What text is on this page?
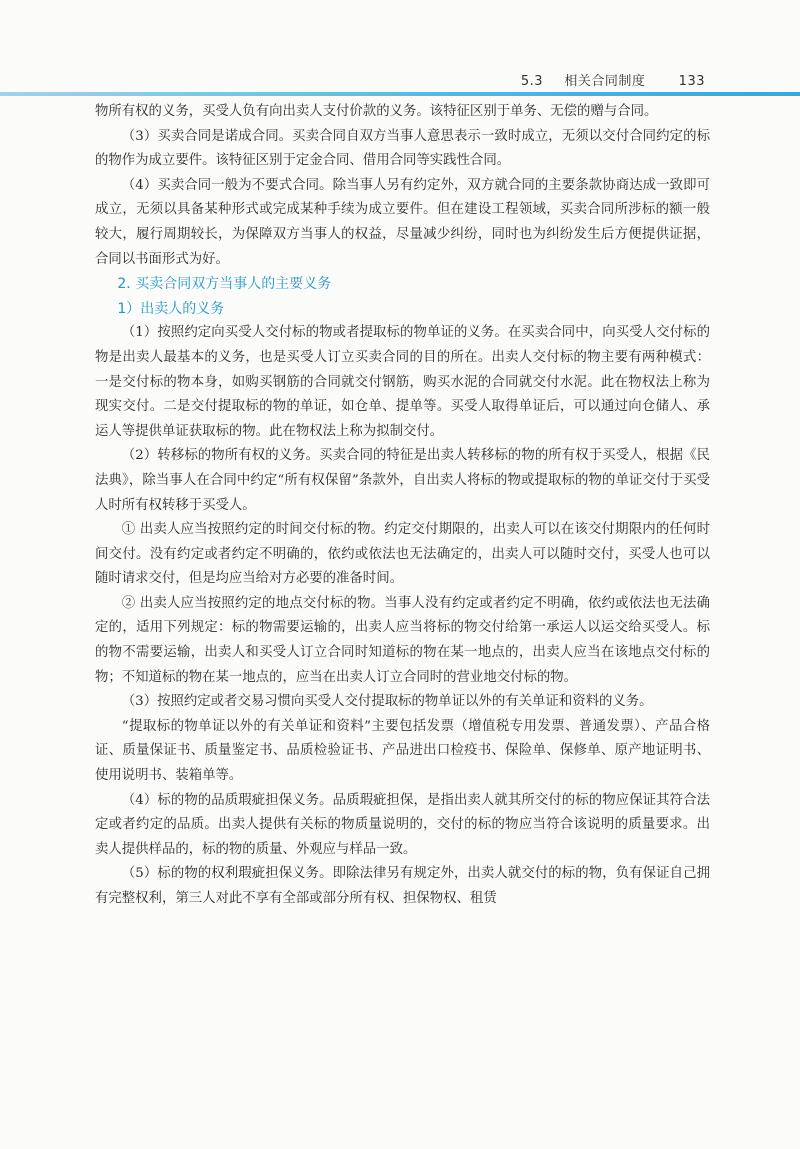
5.3 相关合同制度	133

物所有权的义务，买受人负有向出卖人支付价款的义务。该特征区别于单务、无偿的赠与合同。

（3）买卖合同是诺成合同。买卖合同自双方当事人意思表示一致时成立，无须以交付合同约定的标的物作为成立要件。该特征区别于定金合同、借用合同等实践性合同。

（4）买卖合同一般为不要式合同。除当事人另有约定外，双方就合同的主要条款协商达成一致即可成立，无须以具备某种形式或完成某种手续为成立要件。但在建设工程领域，买卖合同所涉标的额一般较大，履行周期较长，为保障双方当事人的权益，尽量减少纠纷，同时也为纠纷发生后方便提供证据，合同以书面形式为好。

2. 买卖合同双方当事人的主要义务

1）出卖人的义务

（1）按照约定向买受人交付标的物或者提取标的物单证的义务。在买卖合同中，向买受人交付标的物是出卖人最基本的义务，也是买受人订立买卖合同的目的所在。出卖人交付标的物主要有两种模式：一是交付标的物本身，如购买钢筋的合同就交付钢筋，购买水泥的合同就交付水泥。此在物权法上称为现实交付。二是交付提取标的物的单证，如仓单、提单等。买受人取得单证后，可以通过向仓储人、承运人等提供单证获取标的物。此在物权法上称为拟制交付。

（2）转移标的物所有权的义务。买卖合同的特征是出卖人转移标的物的所有权于买受人，根据《民法典》，除当事人在合同中约定“所有权保留”条款外，自出卖人将标的物或提取标的物的单证交付于买受人时所有权转移于买受人。

① 出卖人应当按照约定的时间交付标的物。约定交付期限的，出卖人可以在该交付期限内的任何时间交付。没有约定或者约定不明确的，依约或依法也无法确定的，出卖人可以随时交付，买受人也可以随时请求交付，但是均应当给对方必要的准备时间。

② 出卖人应当按照约定的地点交付标的物。当事人没有约定或者约定不明确，依约或依法也无法确定的，适用下列规定：标的物需要运输的，出卖人应当将标的物交付给第一承运人以运交给买受人。标的物不需要运输，出卖人和买受人订立合同时知道标的物在某一地点的，出卖人应当在该地点交付标的物；不知道标的物在某一地点的，应当在出卖人订立合同时的营业地交付标的物。

（3）按照约定或者交易习惯向买受人交付提取标的物单证以外的有关单证和资料的义务。

“提取标的物单证以外的有关单证和资料”主要包括发票（增值税专用发票、普通发票）、产品合格证、质量保证书、质量鉴定书、品质检验证书、产品进出口检疫书、保险单、保修单、原产地证明书、使用说明书、装箱单等。

（4）标的物的品质瑕疵担保义务。品质瑕疵担保，是指出卖人就其所交付的标的物应保证其符合法定或者约定的品质。出卖人提供有关标的物质量说明的，交付的标的物应当符合该说明的质量要求。出卖人提供样品的，标的物的质量、外观应与样品一致。

（5）标的物的权利瑕疵担保义务。即除法律另有规定外，出卖人就交付的标的物，负有保证自己拥有完整权利，第三人对此不享有全部或部分所有权、担保物权、租赁
